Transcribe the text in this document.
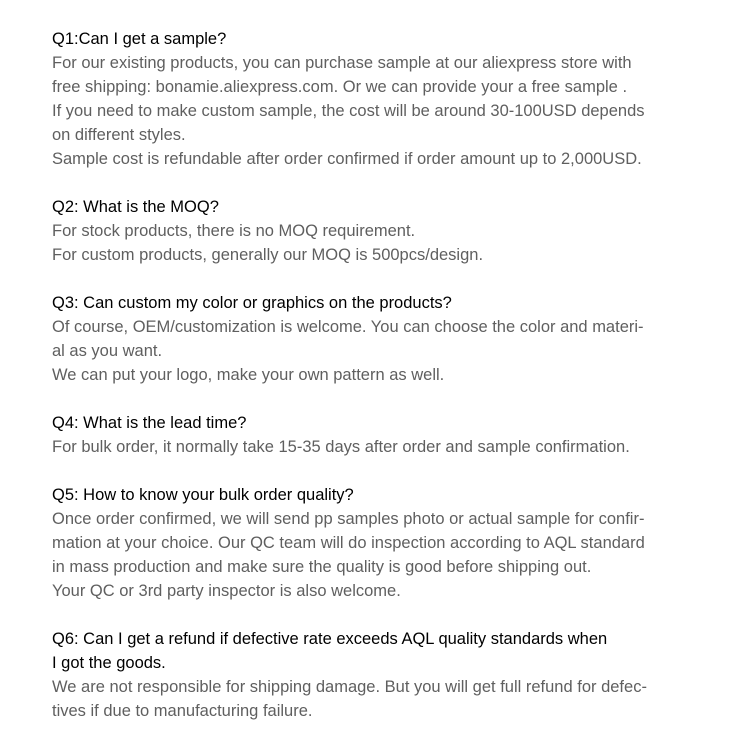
Q1:Can I get a sample?

For our existing products, you can purchase sample at our aliexpress store with

free shipping: bonamie.aliexpress.com. Or we can provide your a free sample .

If you need to make custom sample, the cost will be around 30-100USD depends

on different styles.

Sample cost is refundable after order confirmed if order amount up to 2,000USD.

Q2: What is the MOQ?

For stock products, there is no MOQ requirement.

For custom products, generally our MOQ is 500pcs/design.

Q3: Can custom my color or graphics on the products?

Of course, OEM/customization is welcome. You can choose the color and materi-

al as you want.

We can put your logo, make your own pattern as well.

Q4: What is the lead time?

For bulk order, it normally take 15-35 days after order and sample confirmation.

Q5: How to know your bulk order quality?

Once order confirmed, we will send pp samples photo or actual sample for confir-

mation at your choice. Our QC team will do inspection according to AQL standard

in mass production and make sure the quality is good before shipping out.

Your QC or 3rd party inspector is also welcome.

Q6: Can I get a refund if defective rate exceeds AQL quality standards when

I got the goods.

We are not responsible for shipping damage. But you will get full refund for defec-

tives if due to manufacturing failure.
